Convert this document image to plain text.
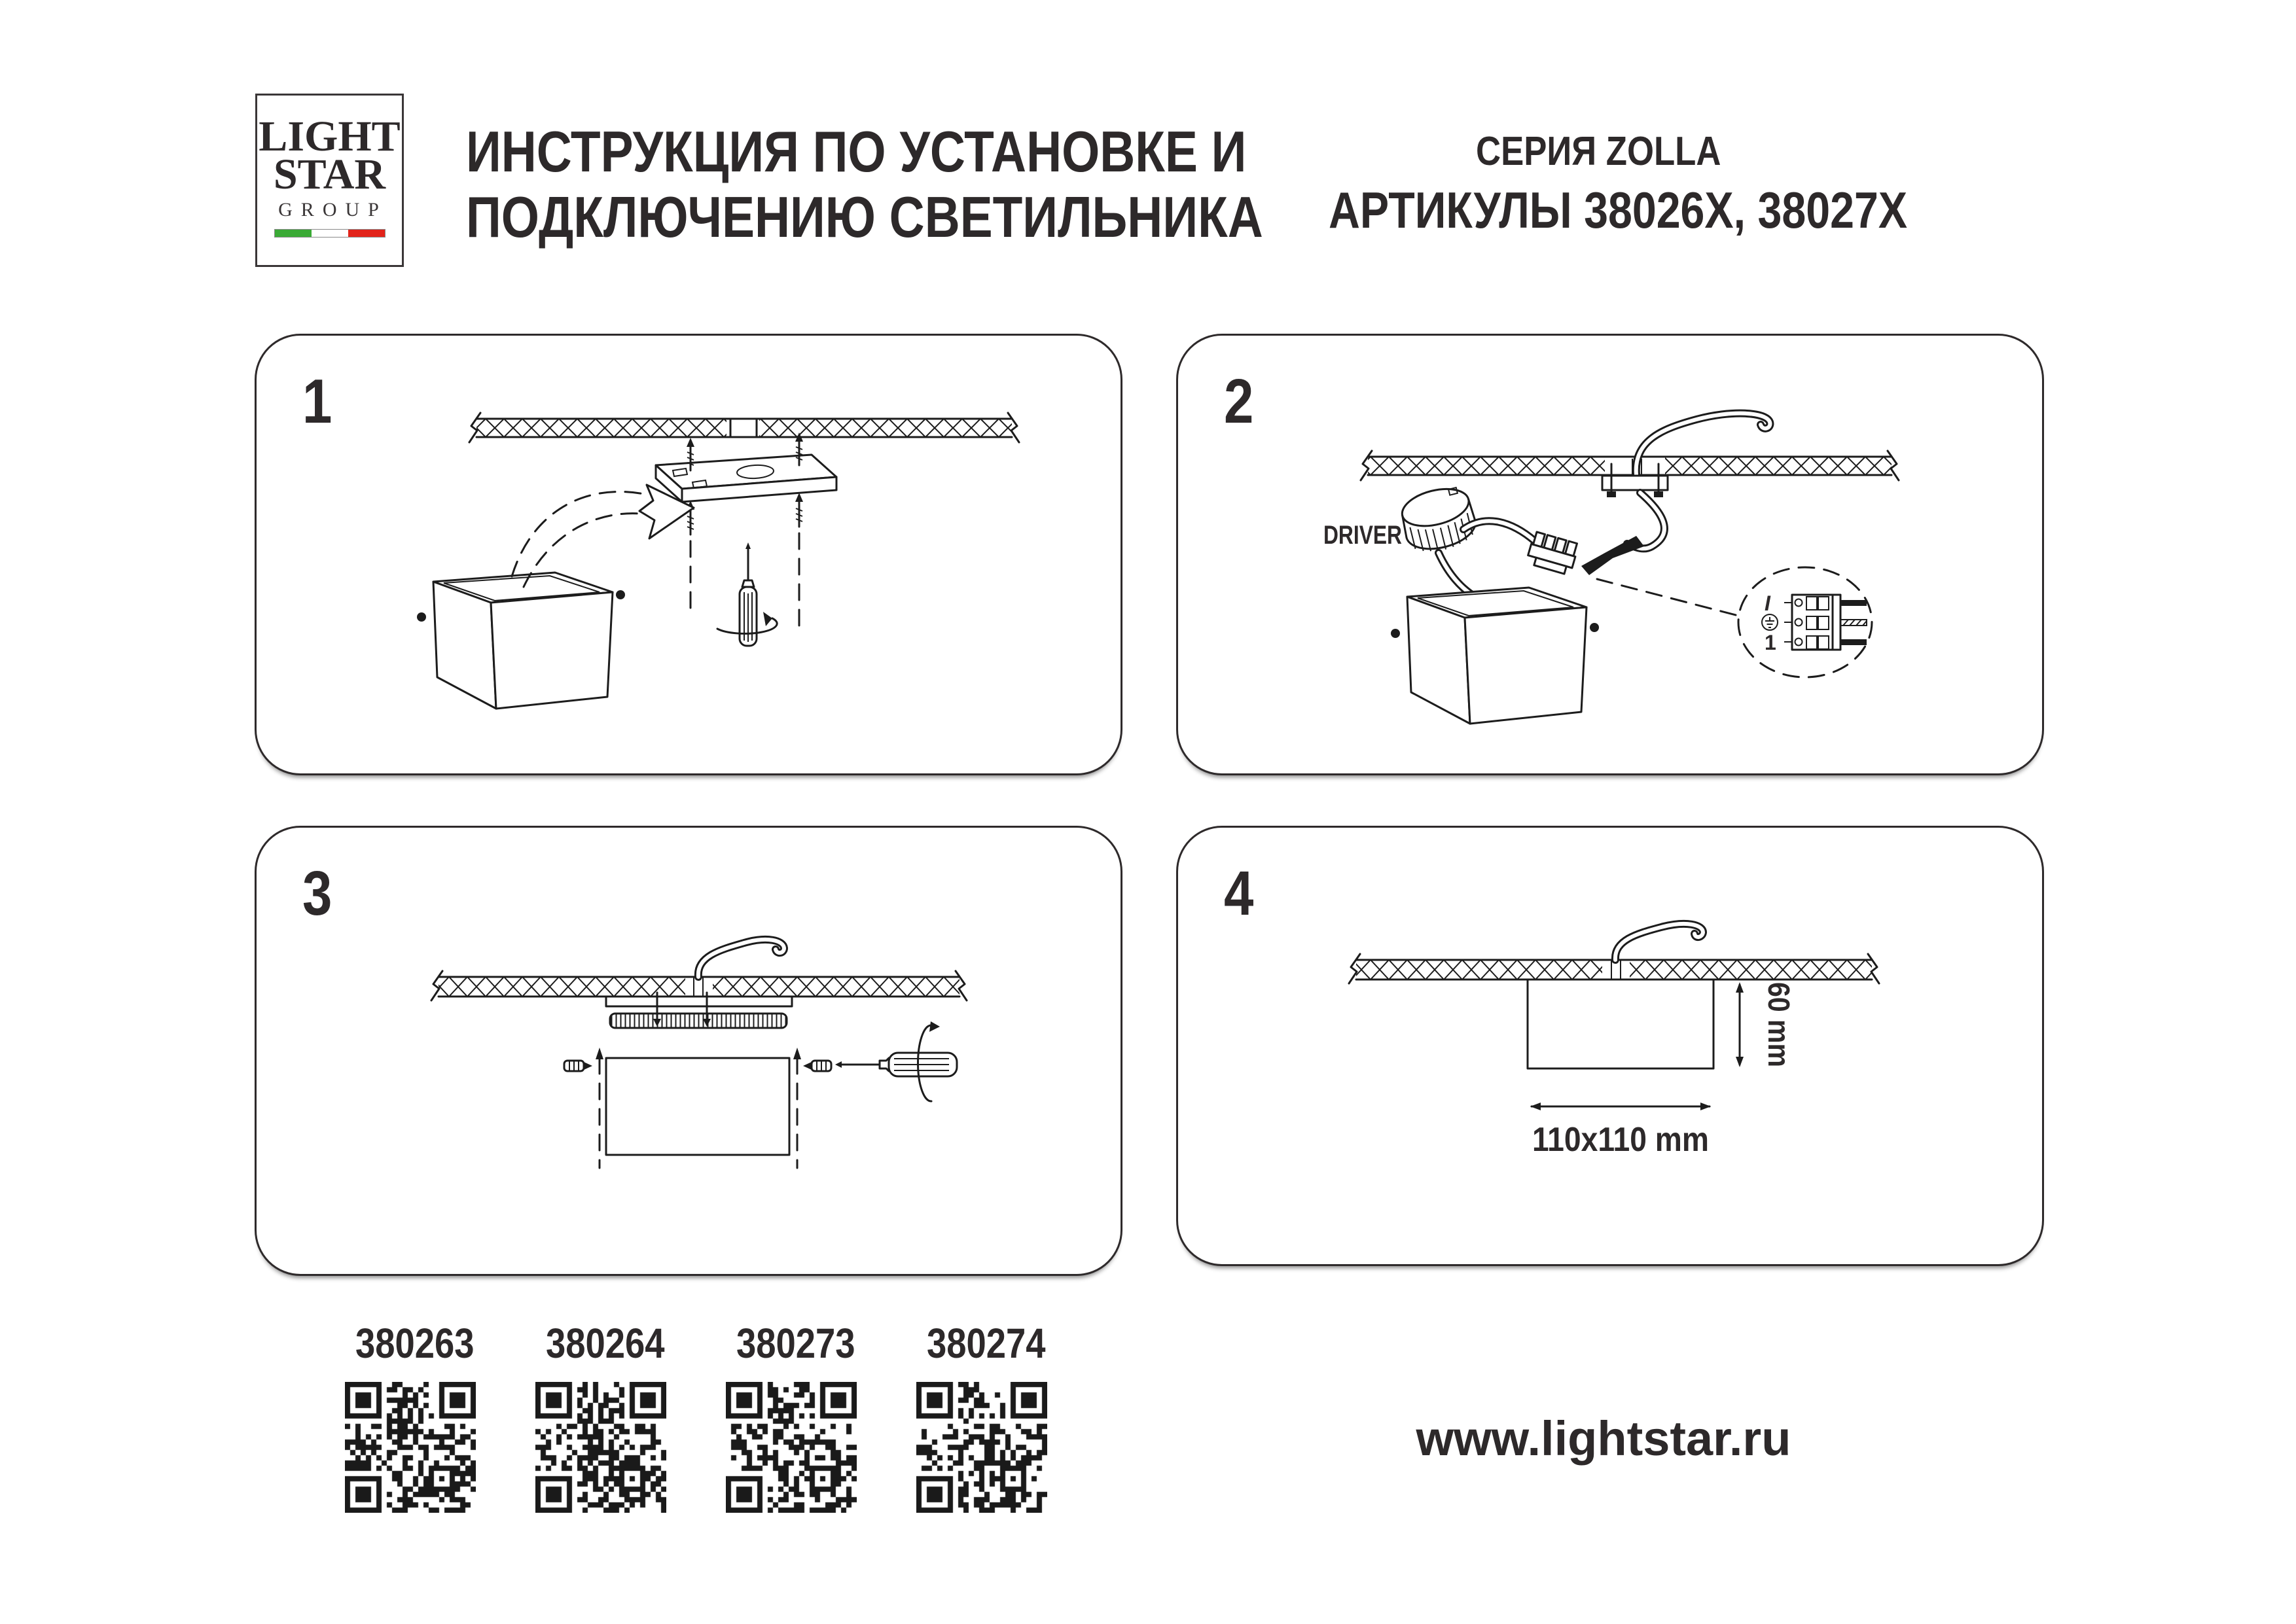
LIGHT
STAR
GROUP
ИНСТРУКЦИЯ ПО УСТАНОВКЕ И
ПОДКЛЮЧЕНИЮ СВЕТИЛЬНИКА
СЕРИЯ ZOLLA
АРТИКУЛЫ 38026X, 38027X
1	2
DRIVER
I
1
3	4
60 mm
110x110 mm
380263 380264 380273 380274
www.lightstar.ru
